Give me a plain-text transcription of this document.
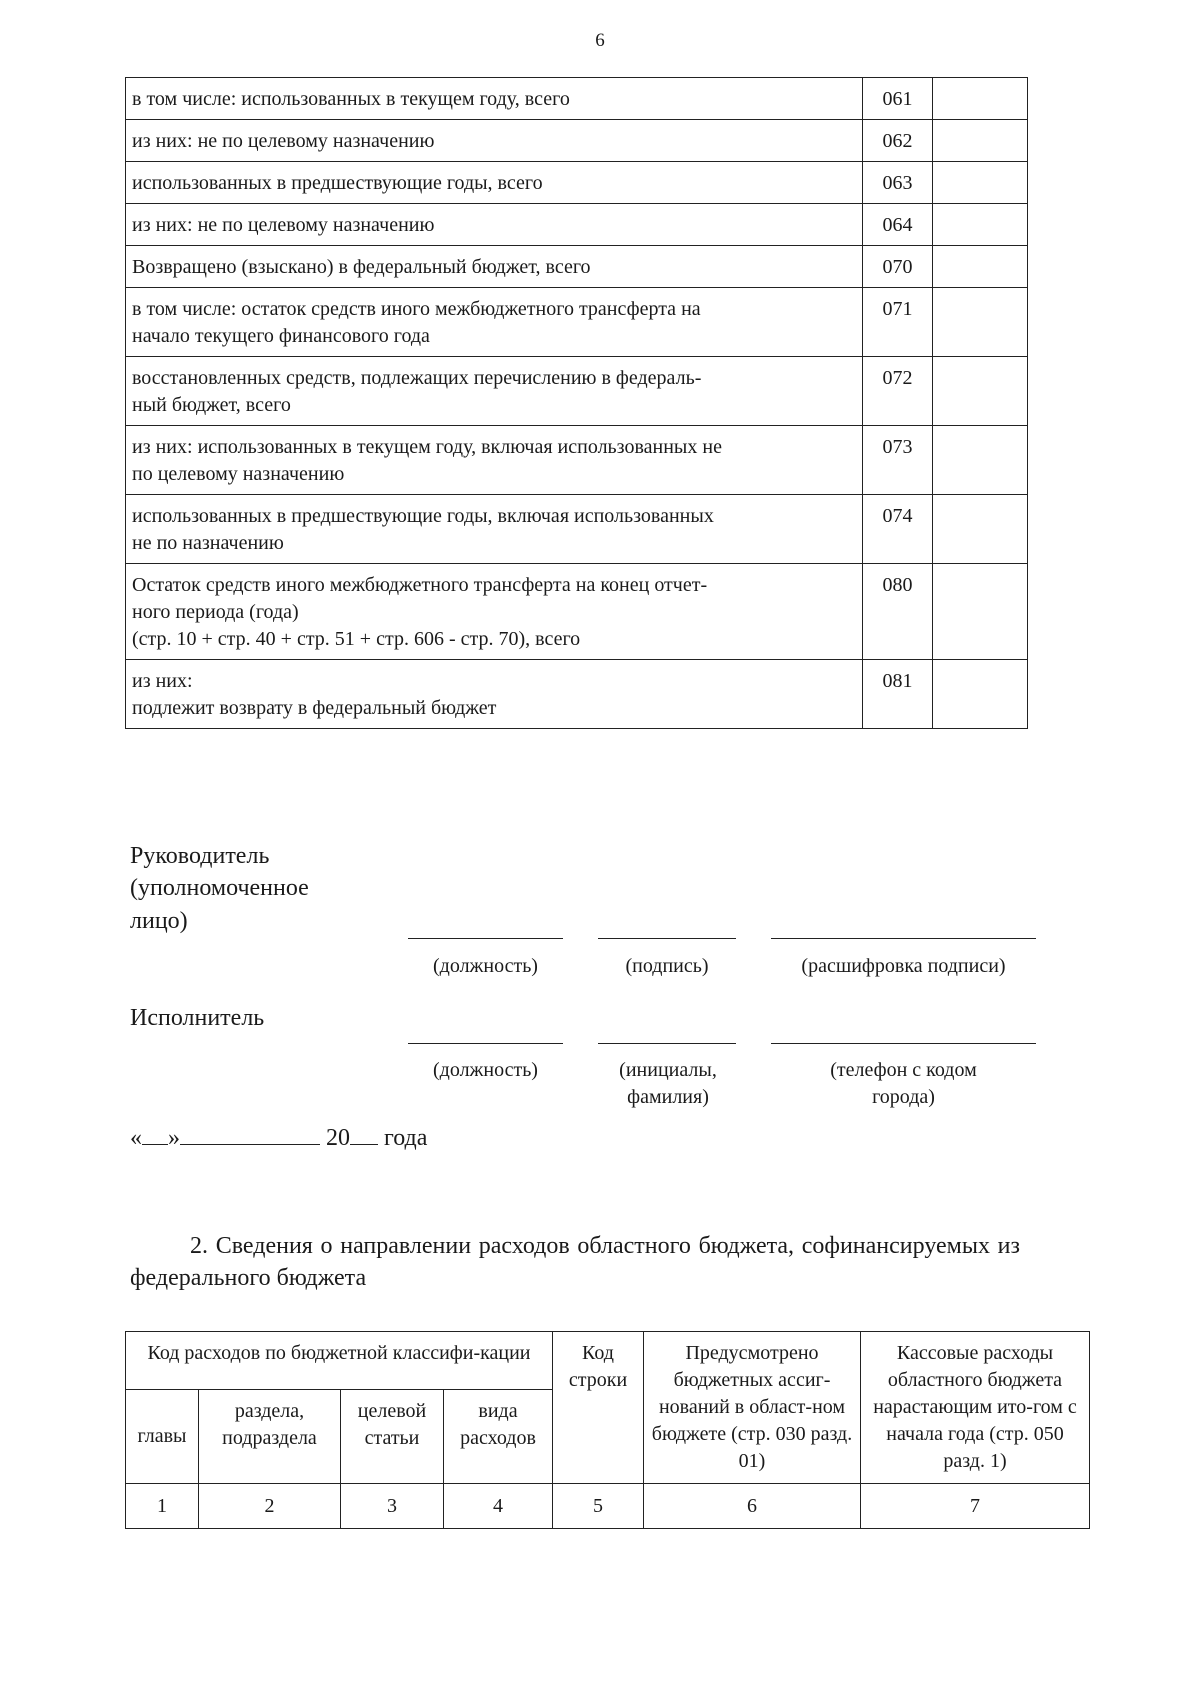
6
в том числе: использованных в текущем году, всего	061	

из них: не по целевому назначению	062	

использованных в предшествующие годы, всего	063	

из них: не по целевому назначению	064	

Возвращено (взыскано) в федеральный бюджет, всего	070	

в том числе: остаток средств иного межбюджетного трансферта на
начало текущего финансового года	071	

восстановленных средств, подлежащих перечислению в федераль-
ный бюджет, всего	072	

из них: использованных в текущем году, включая использованных не
по целевому назначению	073	

использованных в предшествующие годы, включая использованных
не по назначению	074	

Остаток средств иного межбюджетного трансферта на конец отчет-
ного периода (года)
(стр. 10 + стр. 40 + стр. 51 + стр. 606 - стр. 70), всего	080	

из них:
подлежит возврату в федеральный бюджет	081	
Руководитель
(уполномоченное
лицо)
(должность)	(подпись)	(расшифровка подписи)
Исполнитель
(должность)	(инициалы,
фамилия)
(телефон с кодом
города)
« »	20 года
2. Сведения о направлении расходов областного бюджета, софинансируемых из федерального бюджета
Код расходов по бюджетной классифи-кации				Код строки	Предусмотрено бюджетных ассиг-нований в област-ном бюджете (стр. 030 разд. 01)	Кассовые расходы областного бюджета нарастающим ито-гом с начала года (стр. 050 разд. 1)
главы	раздела, подраздела	целевой статьи	вида расходов			
1	2	3	4	5	6	7
